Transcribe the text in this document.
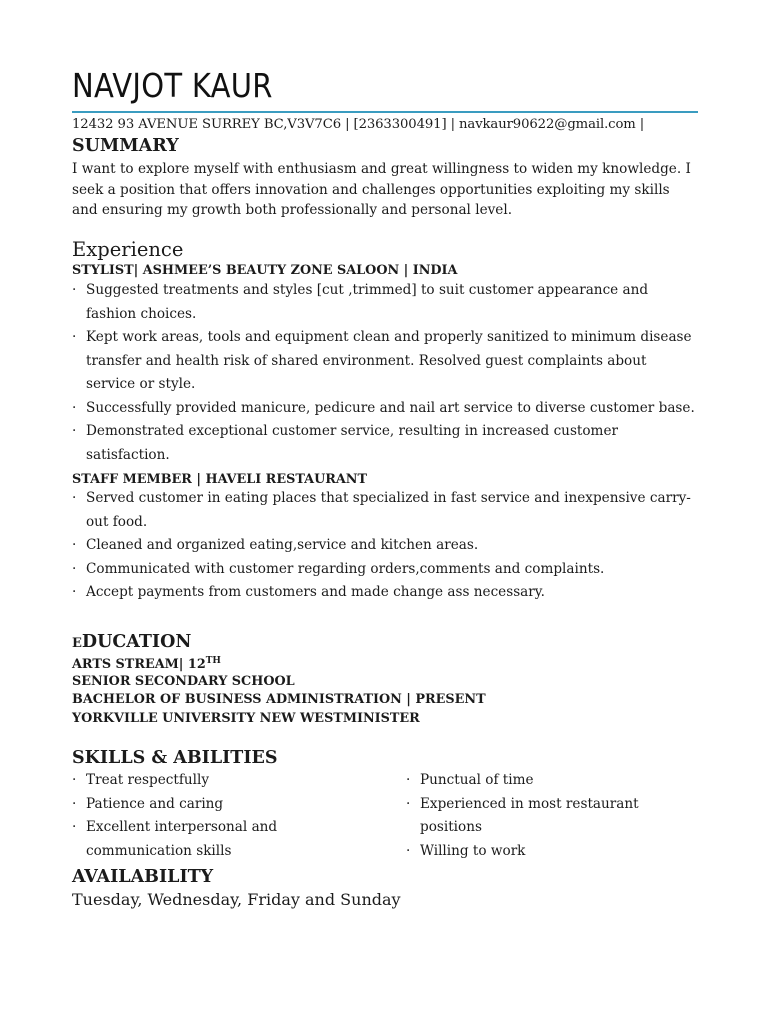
NAVJOT KAUR
12432 93 AVENUE SURREY BC,V3V7C6 | [2363300491] | navkaur90622@gmail.com |
SUMMARY
I want to explore myself with enthusiasm and great willingness to widen my knowledge. I seek a position that offers innovation and challenges opportunities exploiting my skills and ensuring my growth both professionally and personal level.
Experience
STYLIST| ASHMEE’S BEAUTY ZONE SALOON | INDIA
· Suggested treatments and styles [cut ,trimmed] to suit customer appearance and fashion choices.
· Kept work areas, tools and equipment clean and properly sanitized to minimum disease transfer and health risk of shared environment. Resolved guest complaints about service or style.
· Successfully provided manicure, pedicure and nail art service to diverse customer base.
· Demonstrated exceptional customer service, resulting in increased customer satisfaction.
STAFF MEMBER | HAVELI RESTAURANT
· Served customer in eating places that specialized in fast service and inexpensive carry-out food.
· Cleaned and organized eating,service and kitchen areas.
· Communicated with customer regarding orders,comments and complaints.
· Accept payments from customers and made change ass necessary.
EDUCATION
ARTS STREAM| 12TH
SENIOR SECONDARY SCHOOL
BACHELOR OF BUSINESS ADMINISTRATION | PRESENT
YORKVILLE UNIVERSITY NEW WESTMINISTER
SKILLS & ABILITIES
· Treat respectfully
· Patience and caring
· Excellent interpersonal and communication skills
· Punctual of time
· Experienced in most restaurant positions
· Willing to work
AVAILABILITY
Tuesday, Wednesday, Friday and Sunday
